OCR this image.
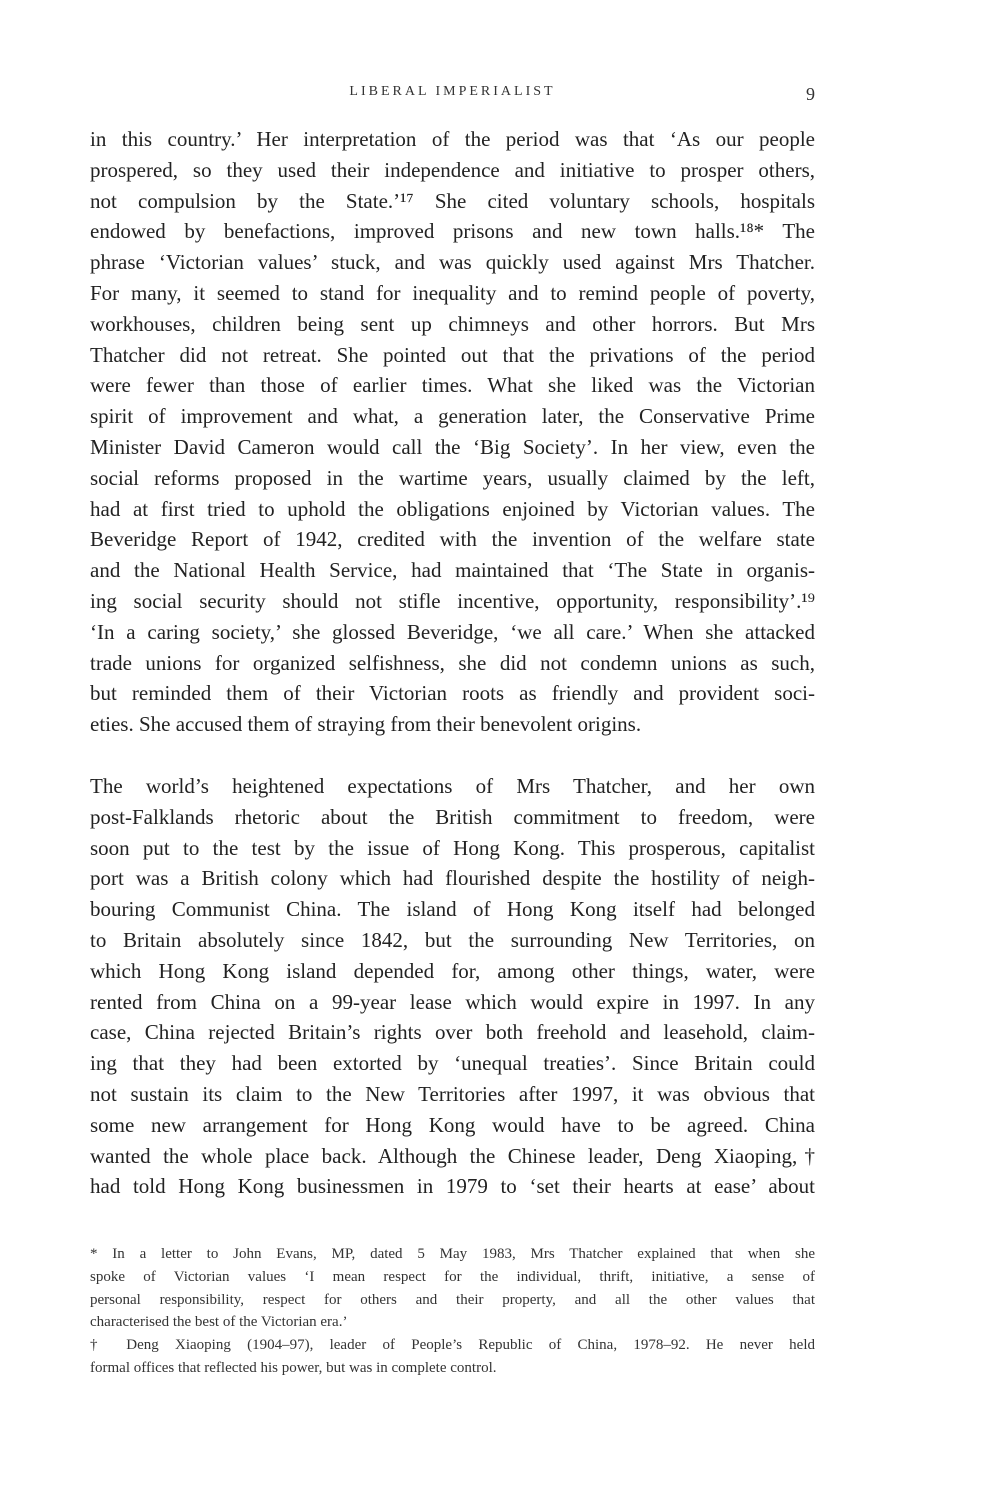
LIBERAL IMPERIALIST	9
in this country.’ Her interpretation of the period was that ‘As our people
prospered, so they used their independence and initiative to prosper others,
not compulsion by the State.’¹⁷ She cited voluntary schools, hospitals
endowed by benefactions, improved prisons and new town halls.¹⁸* The
phrase ‘Victorian values’ stuck, and was quickly used against Mrs Thatcher.
For many, it seemed to stand for inequality and to remind people of poverty,
workhouses, children being sent up chimneys and other horrors. But Mrs
Thatcher did not retreat. She pointed out that the privations of the period
were fewer than those of earlier times. What she liked was the Victorian
spirit of improvement and what, a generation later, the Conservative Prime
Minister David Cameron would call the ‘Big Society’. In her view, even the
social reforms proposed in the wartime years, usually claimed by the left,
had at first tried to uphold the obligations enjoined by Victorian values. The
Beveridge Report of 1942, credited with the invention of the welfare state
and the National Health Service, had maintained that ‘The State in organis-
ing social security should not stifle incentive, opportunity, responsibility’.¹⁹
‘In a caring society,’ she glossed Beveridge, ‘we all care.’ When she attacked
trade unions for organized selfishness, she did not condemn unions as such,
but reminded them of their Victorian roots as friendly and provident soci-
eties. She accused them of straying from their benevolent origins.
The world’s heightened expectations of Mrs Thatcher, and her own
post-Falklands rhetoric about the British commitment to freedom, were
soon put to the test by the issue of Hong Kong. This prosperous, capitalist
port was a British colony which had flourished despite the hostility of neigh-
bouring Communist China. The island of Hong Kong itself had belonged
to Britain absolutely since 1842, but the surrounding New Territories, on
which Hong Kong island depended for, among other things, water, were
rented from China on a 99-year lease which would expire in 1997. In any
case, China rejected Britain’s rights over both freehold and leasehold, claim-
ing that they had been extorted by ‘unequal treaties’. Since Britain could
not sustain its claim to the New Territories after 1997, it was obvious that
some new arrangement for Hong Kong would have to be agreed. China
wanted the whole place back. Although the Chinese leader, Deng Xiaoping,†
had told Hong Kong businessmen in 1979 to ‘set their hearts at ease’ about
* In a letter to John Evans, MP, dated 5 May 1983, Mrs Thatcher explained that when she
spoke of Victorian values ‘I mean respect for the individual, thrift, initiative, a sense of
personal responsibility, respect for others and their property, and all the other values that
characterised the best of the Victorian era.’
† Deng Xiaoping (1904–97), leader of People’s Republic of China, 1978–92. He never held
formal offices that reflected his power, but was in complete control.
